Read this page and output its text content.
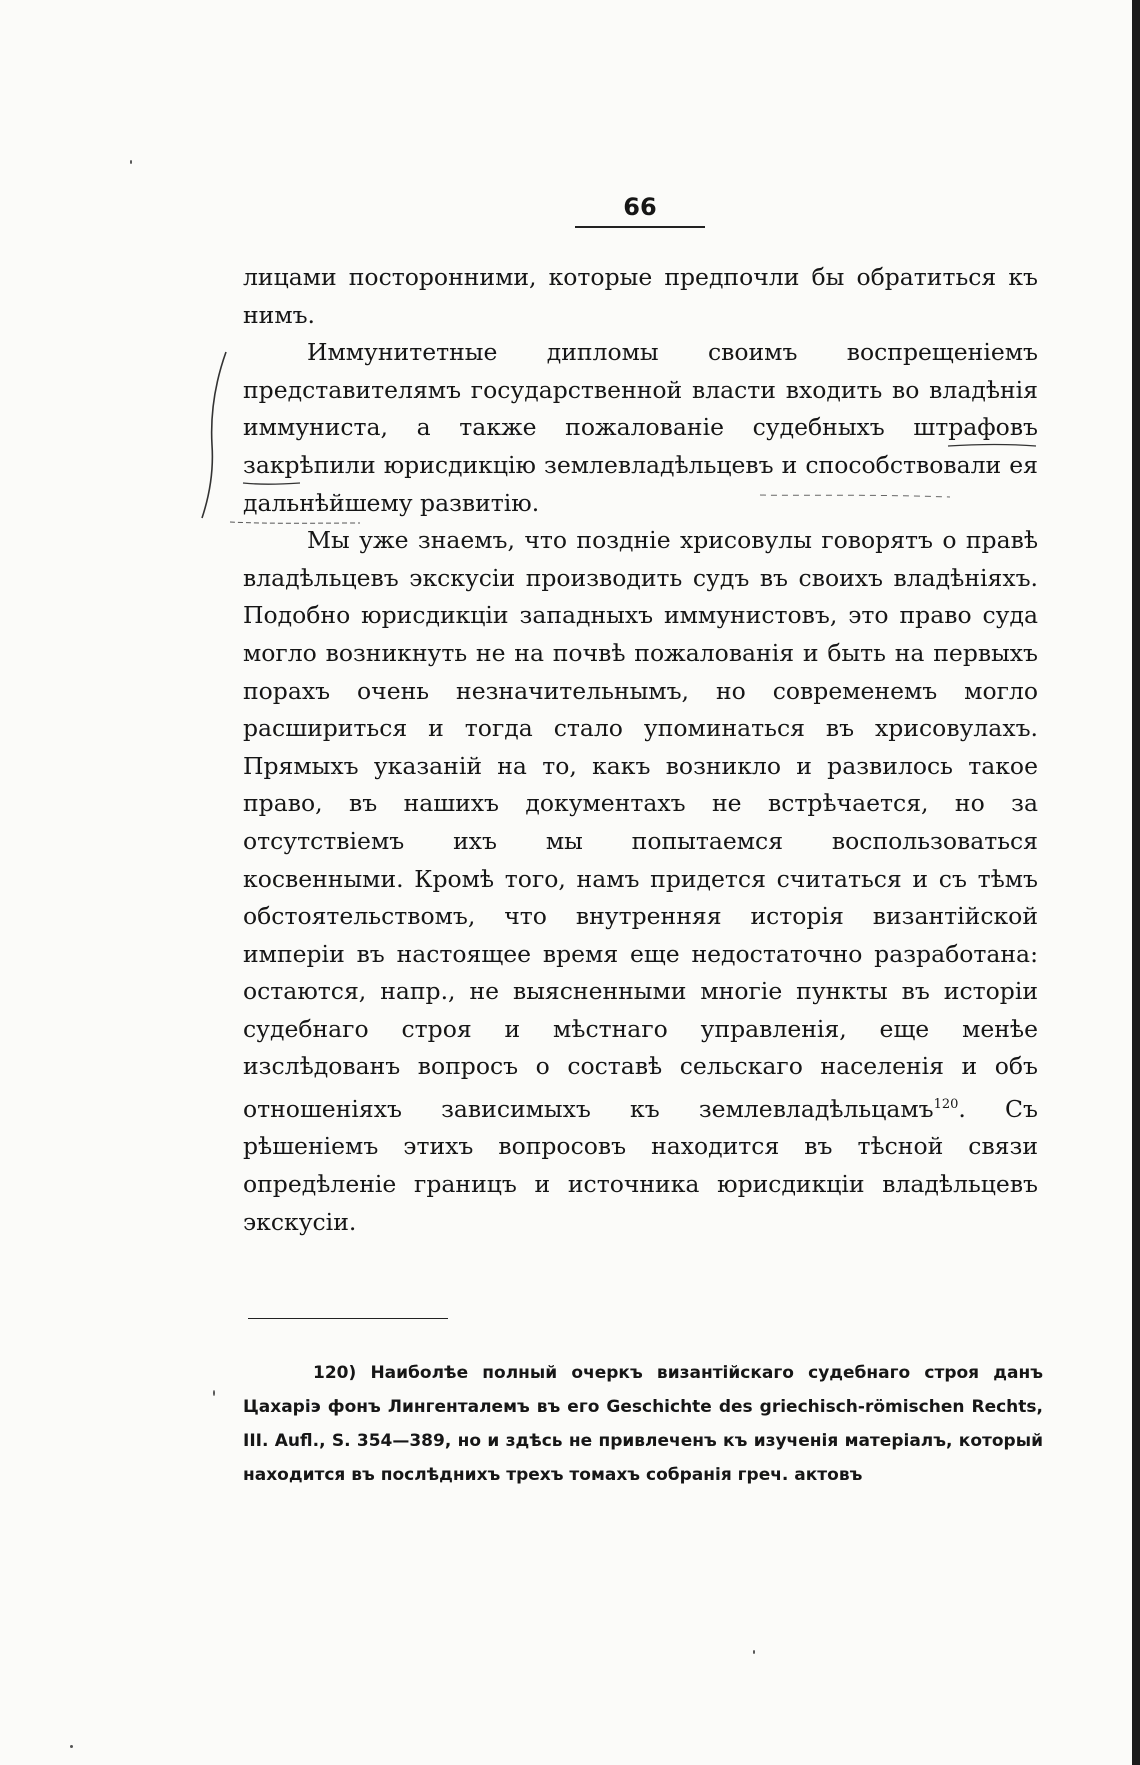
66

лицами посторонними, которые предпочли бы обратиться къ нимъ.

Иммунитетные дипломы своимъ воспрещеніемъ представителямъ государственной власти входить во владѣнія иммуниста, а также пожалованіе судебныхъ штрафовъ закрѣпили юрисдикцію землевладѣльцевъ и способствовали ея дальнѣйшему развитію.

Мы уже знаемъ, что поздніе хрисовулы говорятъ о правѣ владѣльцевъ экскусіи производить судъ въ своихъ владѣніяхъ. Подобно юрисдикціи западныхъ иммунистовъ, это право суда могло возникнуть не на почвѣ пожалованія и быть на первыхъ порахъ очень незначительнымъ, но современемъ могло расшириться и тогда стало упоминаться въ хрисовулахъ. Прямыхъ указаній на то, какъ возникло и развилось такое право, въ нашихъ документахъ не встрѣчается, но за отсутствіемъ ихъ мы попытаемся воспользоваться косвенными. Кромѣ того, намъ придется считаться и съ тѣмъ обстоятельствомъ, что внутренняя исторія византійской имперіи въ настоящее время еще недостаточно разработана: остаются, напр., не выясненными многіе пункты въ исторіи судебнаго строя и мѣстнаго управленія, еще менѣе изслѣдованъ вопросъ о составѣ сельскаго населенія и объ отношеніяхъ зависимыхъ къ землевладѣльцамъ$^{120}$. Съ рѣшеніемъ этихъ вопросовъ находится въ тѣсной связи опредѣленіе границъ и источника юрисдикціи владѣльцевъ экскусіи.

120) Наиболѣе полный очеркъ византійскаго судебнаго строя данъ Цахаріэ фонъ Лингенталемъ въ его Geschichte des griechisch-römischen Rechts, III. Aufl., S. 354—389, но и здѣсь не привлеченъ къ изученія матеріалъ, который находится въ послѣднихъ трехъ томахъ собранія греч. актовъ
